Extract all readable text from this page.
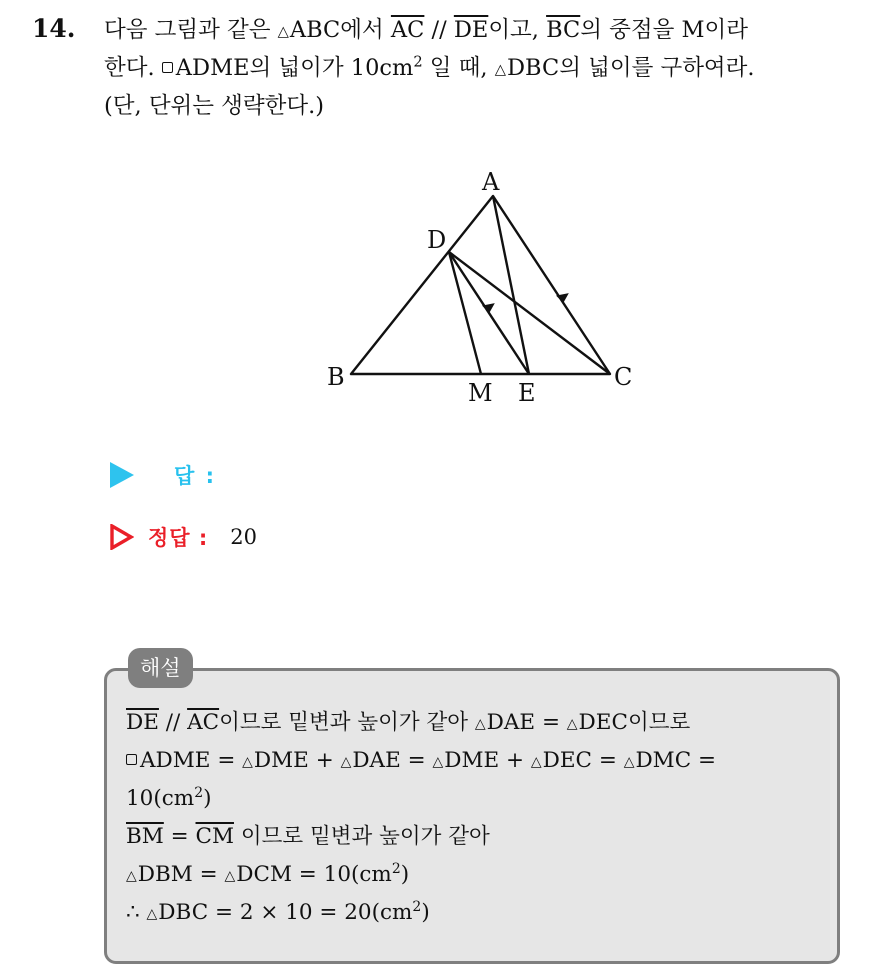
14. 다음 그림과 같은 △ABC에서 $\overline{AC} // \overline{DE}$이고, $\overline{BC}$의 중점을 M이라
한다. ADME의 넓이가 $10cm^2$ 일 때, △DBC의 넓이를 구하여라.
(단, 단위는 생략한다.)
A
B	C
D
E
M
답 :
정답 : 20
해설
$\overline{DE} // \overline{AC}$이므로 밑변과 높이가 같아 △DAE = △DEC이므로
ADME = △DME + △DAE = △DME + △DEC = △DMC =
$10(cm^2)$
$\overline{BM} = \overline{CM}$ 이므로 밑변과 높이가 같아
△DBM = △DCM = $10(cm^2)$
∴ △DBC = $2 \times 10 = 20(cm^2)$
